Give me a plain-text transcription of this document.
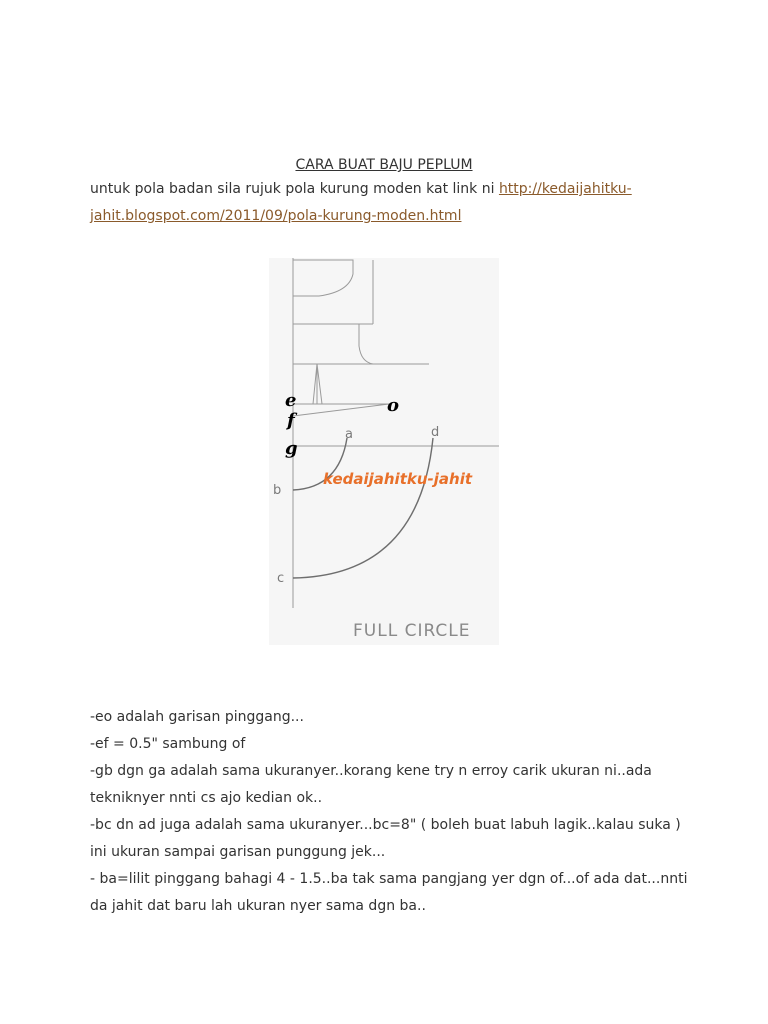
CARA BUAT BAJU PEPLUM
untuk pola badan sila rujuk pola kurung moden kat link ni http://kedaijahitku-
jahit.blogspot.com/2011/09/pola-kurung-moden.html
e
f
g
o
a	d
b
c
kedaijahitku-jahit
FULL CIRCLE
-eo adalah garisan pinggang...
-ef = 0.5" sambung of
-gb dgn ga adalah sama ukuranyer..korang kene try n erroy carik ukuran ni..ada
tekniknyer nnti cs ajo kedian ok..
-bc dn ad juga adalah sama ukuranyer...bc=8" ( boleh buat labuh lagik..kalau suka )
ini ukuran sampai garisan punggung jek...
- ba=lilit pinggang bahagi 4 - 1.5..ba tak sama pangjang yer dgn of...of ada dat...nnti
da jahit dat baru lah ukuran nyer sama dgn ba..
